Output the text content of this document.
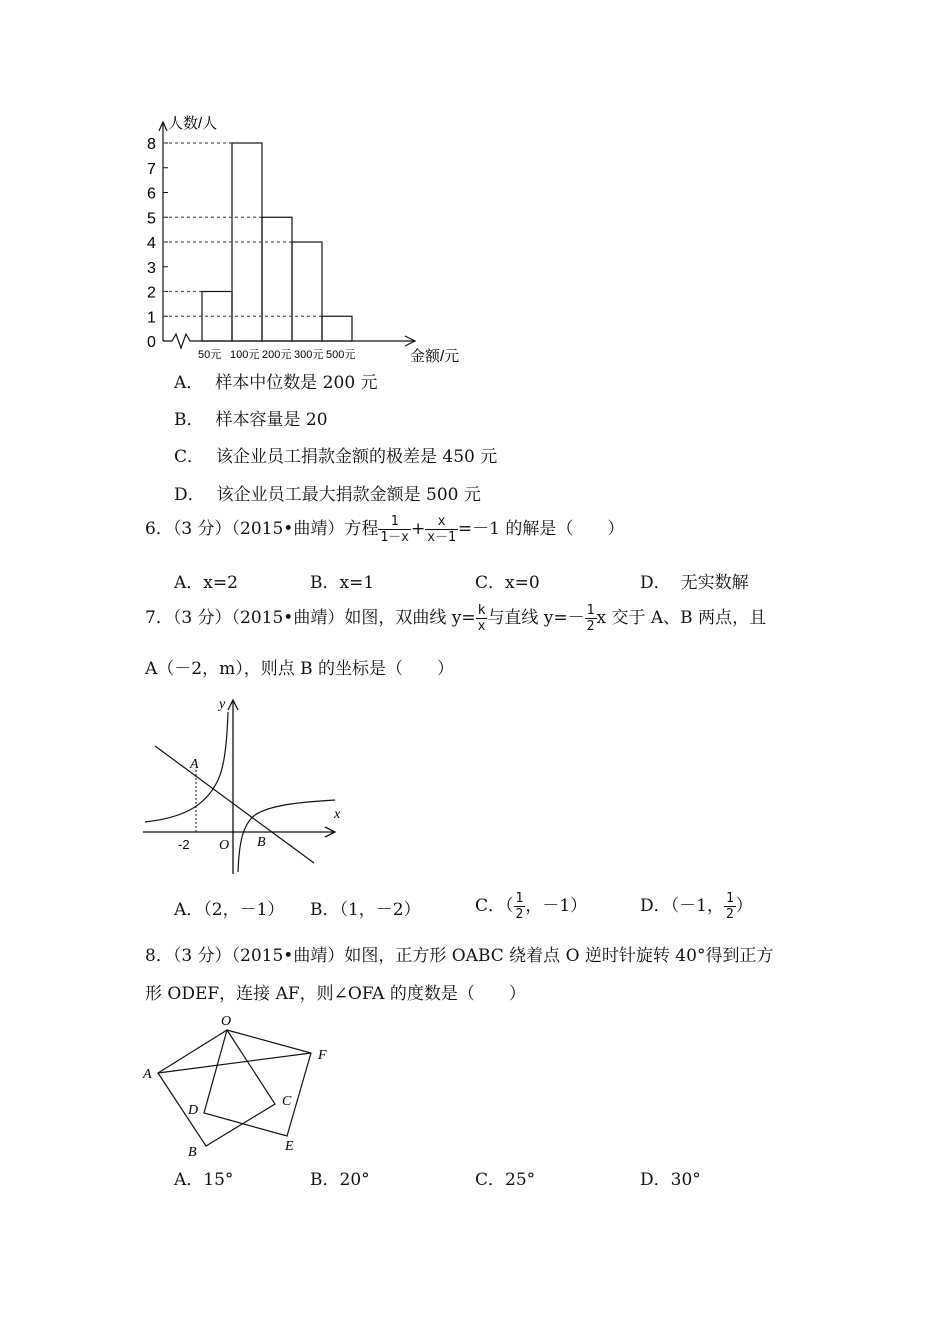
0
1
2
3
4
5
6
7
8
50元 100元 200元 300元 500元
人数/人
金额/元
A． 样本中位数是 200 元
B． 样本容量是 20
C． 该企业员工捐款金额的极差是 450 元
D． 该企业员工最大捐款金额是 500 元
6．（3 分）（2015•曲靖）方程 $\frac{1}{1-x} + \frac{x}{x-1} =-1$ 的解是（　　）
A．x=2	B．x=1	C．x=0	D． 无实数解
7．（3 分）（2015•曲靖）如图，双曲线 $y= \frac{k}{x}$ 与直线 $y=- \frac{1}{2}$ x 交于 A、B 两点，且
A（－2，m），则点 B 的坐标是（　　）
y
x
O
A
B
-2
A．（2，－1） B．（1，－2）	C．（ $\frac{1}{2}$ ，－1）	D．（－1， $\frac{1}{2}$ ）
8．（3 分）（2015•曲靖）如图，正方形 OABC 绕着点 O 逆时针旋转 40°得到正方
形 ODEF，连接 AF，则∠OFA 的度数是（　　）
O
A
B
C
D
E
F
A．15°	B．20°	C．25°	D．30°
